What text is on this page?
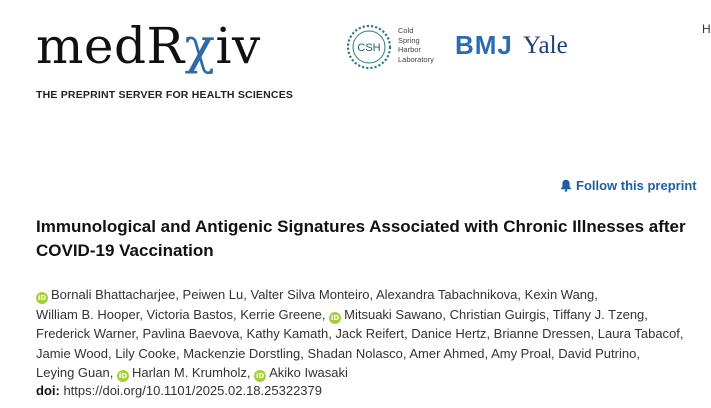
medRχiv
THE PREPRINT SERVER FOR HEALTH SCIENCES
CSH
Cold
Spring
Harbor
Laboratory BMJ Yale
H
Follow this preprint
Immunological and Antigenic Signatures Associated with Chronic Illnesses after COVID-19 Vaccination
iD Bornali Bhattacharjee, Peiwen Lu, Valter Silva Monteiro, Alexandra Tabachnikova, Kexin Wang,
William B. Hooper, Victoria Bastos, Kerrie Greene, iD Mitsuaki Sawano, Christian Guirgis, Tiffany J. Tzeng,
Frederick Warner, Pavlina Baevova, Kathy Kamath, Jack Reifert, Danice Hertz, Brianne Dressen, Laura Tabacof,
Jamie Wood, Lily Cooke, Mackenzie Dorstling, Shadan Nolasco, Amer Ahmed, Amy Proal, David Putrino,
Leying Guan, iD Harlan M. Krumholz, iD Akiko Iwasaki
doi: https://doi.org/10.1101/2025.02.18.25322379
